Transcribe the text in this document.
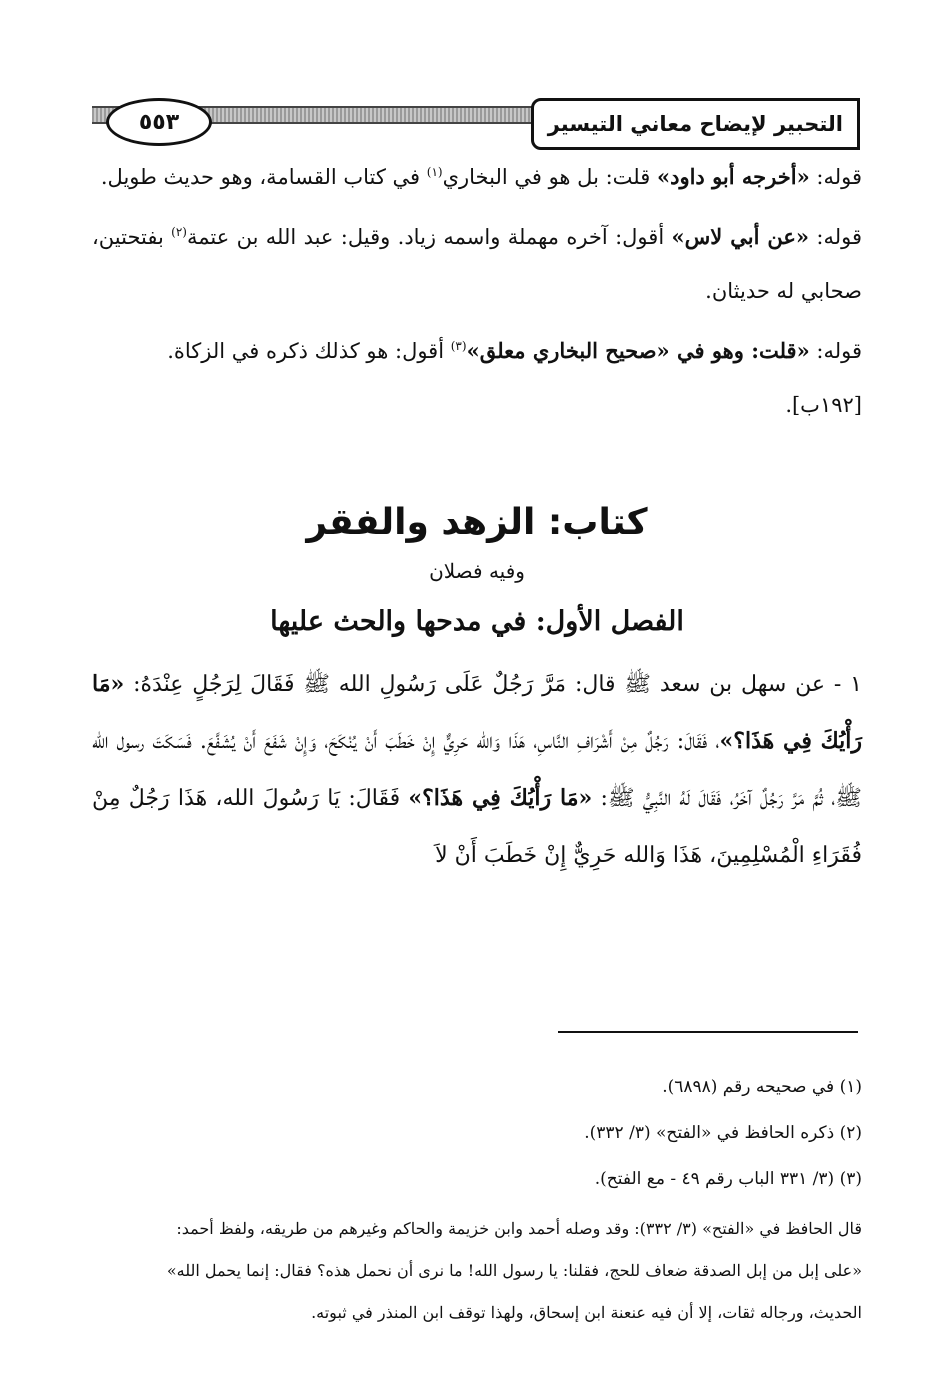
التحبير لإيضاح معاني التيسير
٥٥٣

قوله: «أخرجه أبو داود» قلت: بل هو في البخاري$^{(١)}$ في كتاب القسامة، وهو حديث طويل.

قوله: «عن أبي لاس» أقول: آخره مهملة واسمه زياد. وقيل: عبد الله بن عتمة$^{(٢)}$ بفتحتين، صحابي له حديثان.

قوله: «قلت: وهو في «صحيح البخاري معلق»$^{(٣)}$ أقول: هو كذلك ذكره في الزكاة.

[١٩٢ب].

كتاب: الزهد والفقر
وفيه فصلان
الفصل الأول: في مدحها والحث عليها

١ - عن سهل بن سعد ﷺ قال: مَرَّ رَجُلٌ عَلَى رَسُولِ الله ﷺ فَقَالَ لِرَجُلٍ عِنْدَهُ: «مَا رَأْيُكَ فِي هَذَا؟»، فَقَالَ: رَجُلٌ مِنْ أَشْرَافِ النَّاسِ، هَذَا وَالله حَرِيٌّ إِنْ خَطَبَ أَنْ يُنْكَحَ، وَإِنْ شَفَعَ أَنْ يُشَفَّعَ. فَسَكَتَ رسول الله ﷺ، ثُمَّ مَرَّ رَجُلٌ آخَرُ، فَقَالَ لَهُ النَّبِيُّ ﷺ: «مَا رَأْيُكَ فِي هَذَا؟» فَقَالَ: يَا رَسُولَ الله، هَذَا رَجُلٌ مِنْ فُقَرَاءِ الْمُسْلِمِينَ، هَذَا وَالله حَرِيٌّ إِنْ خَطَبَ أَنْ لاَ

(١) في صحيحه رقم (٦٨٩٨).

(٢) ذكره الحافظ في «الفتح» (٣/ ٣٣٢).

(٣) (٣/ ٣٣١ الباب رقم ٤٩ - مع الفتح).

قال الحافظ في «الفتح» (٣/ ٣٣٢): وقد وصله أحمد وابن خزيمة والحاكم وغيرهم من طريقه، ولفظ أحمد:

«على إبل من إبل الصدقة ضعاف للحج، فقلنا: يا رسول الله! ما نرى أن نحمل هذه؟ فقال: إنما يحمل الله»

الحديث، ورجاله ثقات، إلا أن فيه عنعنة ابن إسحاق، ولهذا توقف ابن المنذر في ثبوته.
